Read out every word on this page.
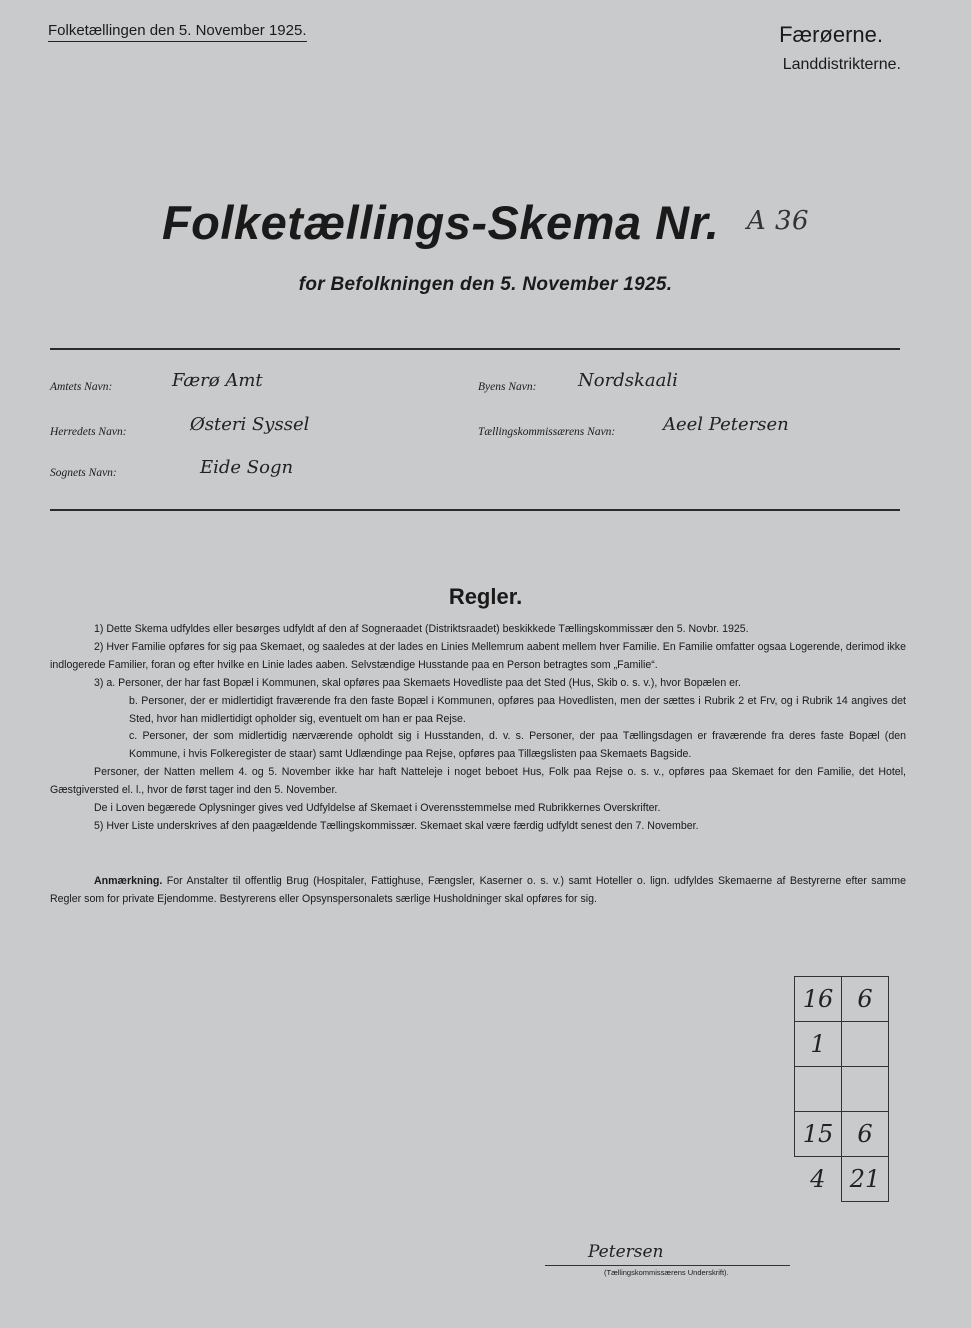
Folketællingen den 5. November 1925.	Færøerne.
Landdistrikterne.
Folketællings-Skema Nr. $^{A 36}$
for Befolkningen den 5. November 1925.
Amtets Navn:	Færø Amt	Byens Navn: Nordskaali
Herredets Navn:	Østeri Syssel	Tællingskommissærens Navn:	Aeel Petersen
Sognets Navn:	Eide Sogn
Regler.

1) Dette Skema udfyldes eller besørges udfyldt af den af Sogneraadet (Distriktsraadet) beskikkede Tællingskommissær den 5. Novbr. 1925.

2) Hver Familie opføres for sig paa Skemaet, og saaledes at der lades en Linies Mellemrum aabent mellem hver Familie. En Familie omfatter ogsaa Logerende, derimod ikke indlogerede Familier, foran og efter hvilke en Linie lades aaben. Selvstændige Husstande paa en Person betragtes som „Familie“.

3) a. Personer, der har fast Bopæl i Kommunen, skal opføres paa Skemaets Hovedliste paa det Sted (Hus, Skib o. s. v.), hvor Bopælen er.

b. Personer, der er midlertidigt fraværende fra den faste Bopæl i Kommunen, opføres paa Hovedlisten, men der sættes i Rubrik 2 et Frv, og i Rubrik 14 angives det Sted, hvor han midlertidigt opholder sig, eventuelt om han er paa Rejse.

c. Personer, der som midlertidig nærværende opholdt sig i Husstanden, d. v. s. Personer, der paa Tællingsdagen er fraværende fra deres faste Bopæl (den Kommune, i hvis Folkeregister de staar) samt Udlændinge paa Rejse, opføres paa Tillægslisten paa Skemaets Bagside.

Personer, der Natten mellem 4. og 5. November ikke har haft Natteleje i noget beboet Hus, Folk paa Rejse o. s. v., opføres paa Skemaet for den Familie, det Hotel, Gæstgiversted el. l., hvor de først tager ind den 5. November.

De i Loven begærede Oplysninger gives ved Udfyldelse af Skemaet i Overensstemmelse med Rubrikkernes Overskrifter.

5) Hver Liste underskrives af den paagældende Tællingskommissær. Skemaet skal være færdig udfyldt senest den 7. November.

Anmærkning. For Anstalter til offentlig Brug (Hospitaler, Fattighuse, Fængsler, Kaserner o. s. v.) samt Hoteller o. lign. udfyldes Skemaerne af Bestyrerne efter samme Regler som for private Ejendomme. Bestyrerens eller Opsynspersonalets særlige Husholdninger skal opføres for sig.

16	6
1	

15	6
4	21
Petersen
(Tællingskommissærens Underskrift).
